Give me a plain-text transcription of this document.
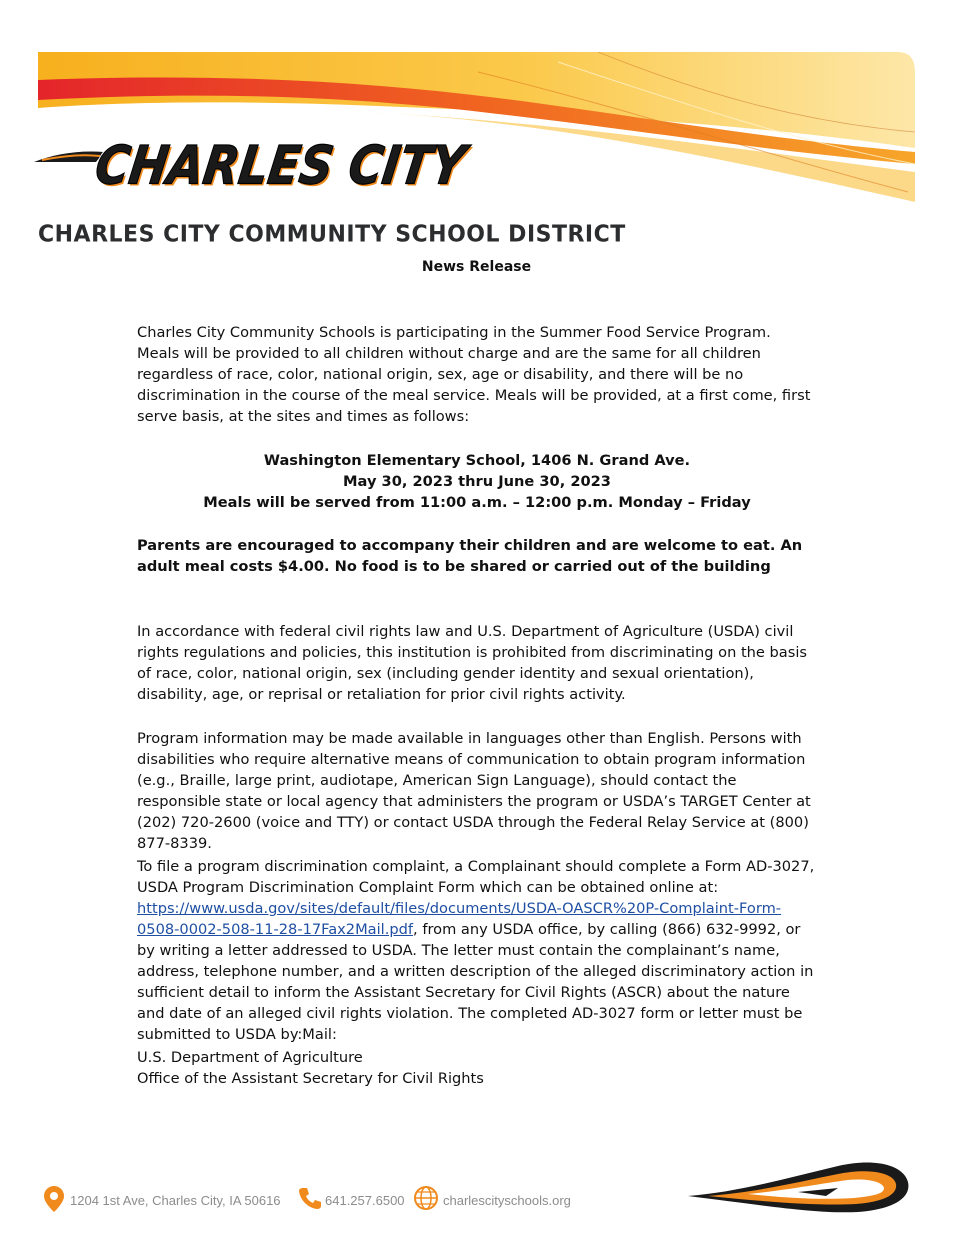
CHARLES CITY
CHARLES CITY COMMUNITY SCHOOL DISTRICT
News Release

Charles City Community Schools is participating in the Summer Food Service Program. Meals will be provided to all children without charge and are the same for all children regardless of race, color, national origin, sex, age or disability, and there will be no discrimination in the course of the meal service. Meals will be provided, at a first come, first serve basis, at the sites and times as follows:

Washington Elementary School, 1406 N. Grand Ave.
May 30, 2023 thru June 30, 2023
Meals will be served from 11:00 a.m. – 12:00 p.m. Monday – Friday

Parents are encouraged to accompany their children and are welcome to eat. An adult meal costs $4.00. No food is to be shared or carried out of the building

In accordance with federal civil rights law and U.S. Department of Agriculture (USDA) civil rights regulations and policies, this institution is prohibited from discriminating on the basis of race, color, national origin, sex (including gender identity and sexual orientation), disability, age, or reprisal or retaliation for prior civil rights activity.

Program information may be made available in languages other than English. Persons with disabilities who require alternative means of communication to obtain program information (e.g., Braille, large print, audiotape, American Sign Language), should contact the responsible state or local agency that administers the program or USDA’s TARGET Center at (202) 720-2600 (voice and TTY) or contact USDA through the Federal Relay Service at (800) 877-8339.

To file a program discrimination complaint, a Complainant should complete a Form AD-3027, USDA Program Discrimination Complaint Form which can be obtained online at: https://www.usda.gov/sites/default/files/documents/USDA-OASCR%20P-Complaint-Form-0508-0002-508-11-28-17Fax2Mail.pdf, from any USDA office, by calling (866) 632-9992, or by writing a letter addressed to USDA. The letter must contain the complainant’s name, address, telephone number, and a written description of the alleged discriminatory action in sufficient detail to inform the Assistant Secretary for Civil Rights (ASCR) about the nature and date of an alleged civil rights violation. The completed AD-3027 form or letter must be submitted to USDA by:Mail:

U.S. Department of Agriculture
Office of the Assistant Secretary for Civil Rights
1204 1st Ave, Charles City, IA 50616	641.257.6500	charlescityschools.org
